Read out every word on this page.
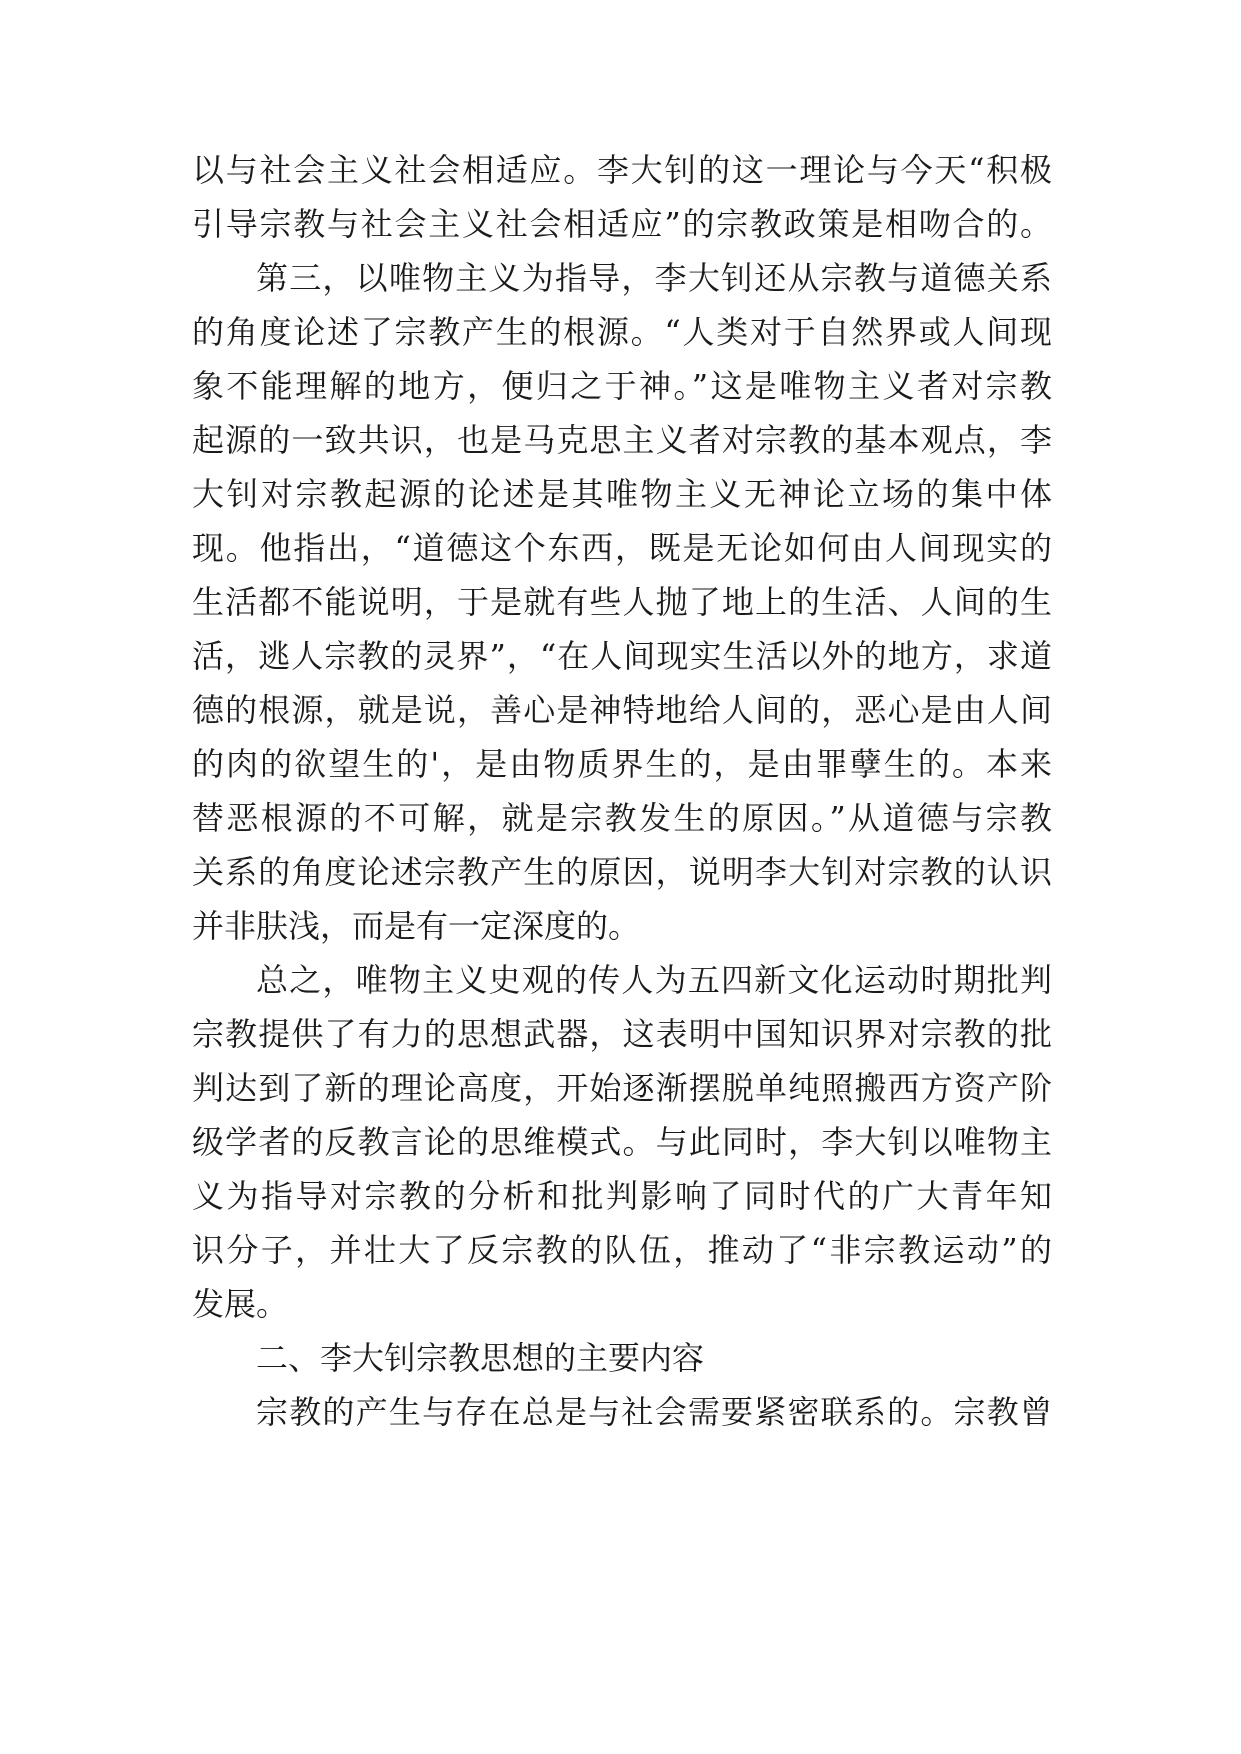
以与社会主义社会相适应。李大钊的这一理论与今天“积极
引导宗教与社会主义社会相适应”的宗教政策是相吻合的。
第三，以唯物主义为指导，李大钊还从宗教与道德关系
的角度论述了宗教产生的根源。“人类对于自然界或人间现
象不能理解的地方，便归之于神。”这是唯物主义者对宗教
起源的一致共识，也是马克思主义者对宗教的基本观点，李
大钊对宗教起源的论述是其唯物主义无神论立场的集中体
现。他指出，“道德这个东西，既是无论如何由人间现实的
生活都不能说明，于是就有些人抛了地上的生活、人间的生
活，逃人宗教的灵界”，“在人间现实生活以外的地方，求道
德的根源，就是说，善心是神特地给人间的，恶心是由人间
的肉的欲望生的'，是由物质界生的，是由罪孽生的。本来
替恶根源的不可解，就是宗教发生的原因。”从道德与宗教
关系的角度论述宗教产生的原因，说明李大钊对宗教的认识
并非肤浅，而是有一定深度的。
总之，唯物主义史观的传人为五四新文化运动时期批判
宗教提供了有力的思想武器，这表明中国知识界对宗教的批
判达到了新的理论高度，开始逐渐摆脱单纯照搬西方资产阶
级学者的反教言论的思维模式。与此同时，李大钊以唯物主
义为指导对宗教的分析和批判影响了同时代的广大青年知
识分子，并壮大了反宗教的队伍，推动了“非宗教运动”的
发展。
二、李大钊宗教思想的主要内容
宗教的产生与存在总是与社会需要紧密联系的。宗教曾
